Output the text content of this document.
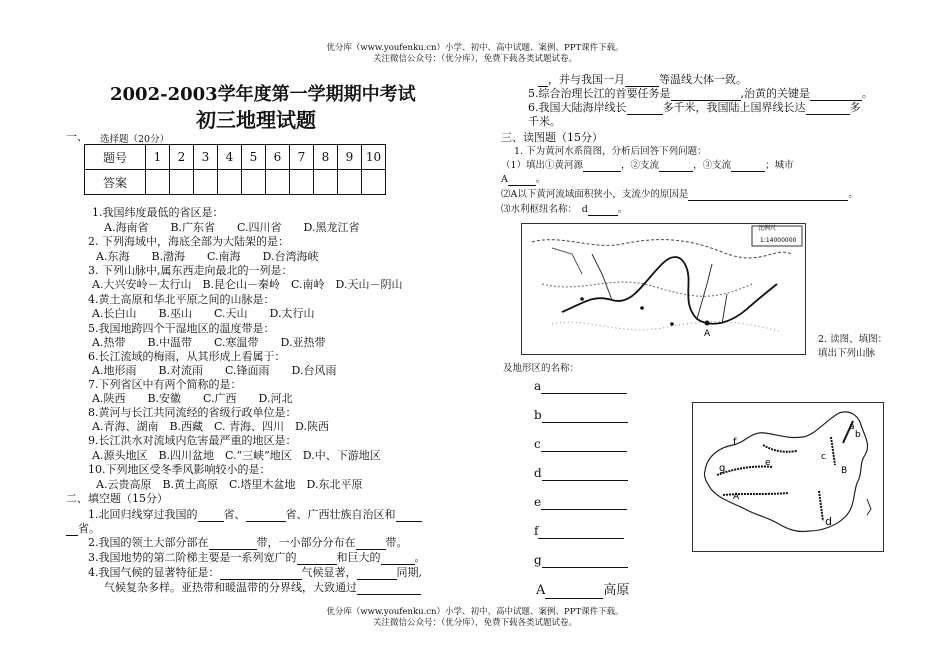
优分库（www.youfenku.cn）小学、初中、高中试题、案例、PPT课件下载。
关注微信公众号：（优分库），免费下载各类试题试卷。
2002-2003学年度第一学期期中考试
初三地理试题
一、 选择题（20分）
题号	1	2	3	4	5	6	7	8	9	10
答案										
1.我国纬度最低的省区是：
A.海南省　　B.广东省　　C.四川省　　D.黑龙江省
2. 下列海域中，海底全部为大陆架的是：
A.东海　　B.渤海　　C.南海　　D.台湾海峡
3. 下列山脉中,属东西走向最北的一列是：
A.大兴安岭－太行山　B.昆仑山－秦岭　C.南岭　D.天山－阴山
4.黄土高原和华北平原之间的山脉是：
A.长白山　　B.巫山　　C.天山　　D.太行山
5.我国地跨四个干湿地区的温度带是：
A.热带　　B.中温带　　C.寒温带　　D.亚热带
6.长江流域的梅雨，从其形成上看属于：
A.地形雨　　B.对流雨　　C.锋面雨　　D.台风雨
7.下列省区中有两个简称的是：
A.陕西　　B.安徽　　C.广西　　D.河北
8.黄河与长江共同流经的省级行政单位是：
A.青海、湖南　B.西藏　C. 青海、四川　D.陕西
9.长江洪水对流域内危害最严重的地区是：
A.源头地区　B.四川盆地　C.“三峡”地区　D.中、下游地区
10.下列地区受冬季风影响较小的是：
A.云贵高原　B.黄土高原　C.塔里木盆地　D.东北平原
二、填空题（15分）
1.北回归线穿过我国的 省、	省、广西壮族自治区和
省。
2.我国的领土大部分部在	带，一小部分分布在	带。
3.我国地势的第二阶梯主要是一系列宽广的	和巨大的	。
4.我国气候的显著特征是：	气候显著，	同期,
气候复杂多样。亚热带和暖温带的分界线，大致通过
，并与我国一月	等温线大体一致。
5.综合治理长江的首要任务是	,治黄的关键是	。
6.我国大陆海岸线长	多千米，我国陆上国界线长达	多
千米。
三、读图题（15分）
1. 下为黄河水系简图，分析后回答下列问题：
（1）填出①黄河源	，②支流	，③支流	；城市
A	。
⑵A以下黄河流域面积狭小，支流少的原因是	。
⑶水利枢纽名称：　d	。
A
比例尺
1:14000000
2. 读图、填图：
填出下列山脉
及地形区的名称：
a
b
c
d
e
f
g
A	高原
a
b
c
d
e
f
g
A
B
优分库（www.youfenku.cn）小学、初中、高中试题、案例、PPT课件下载。
关注微信公众号：（优分库），免费下载各类试题试卷。
